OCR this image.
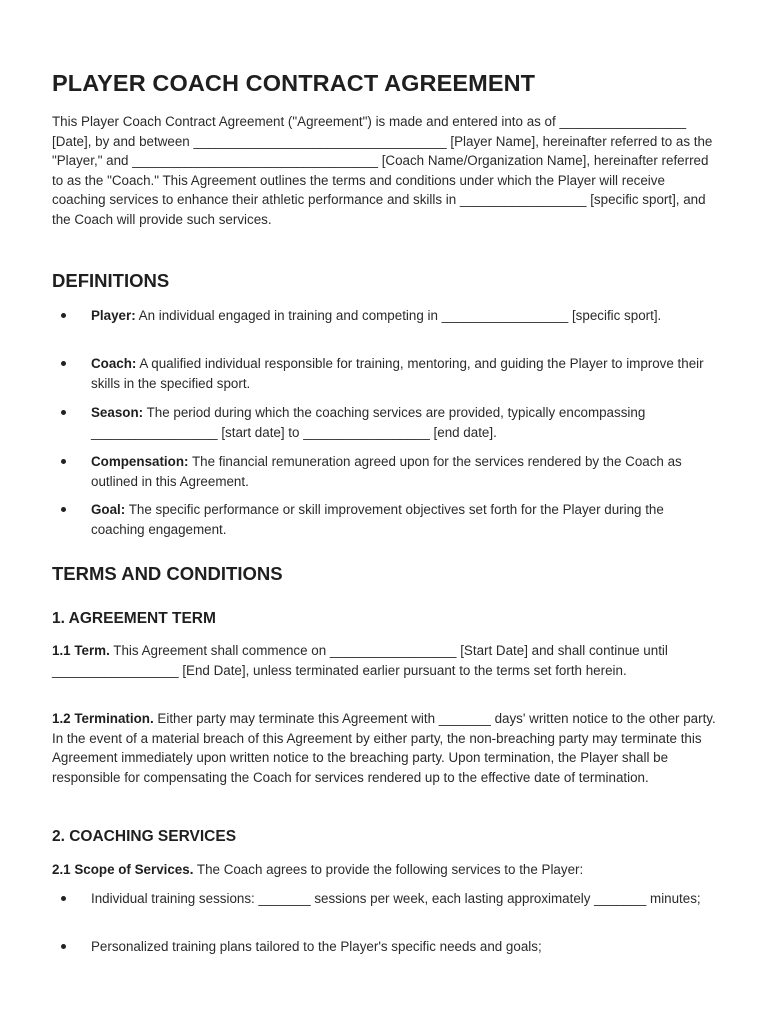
PLAYER COACH CONTRACT AGREEMENT

This Player Coach Contract Agreement ("Agreement") is made and entered into as of _________________ [Date], by and between __________________________________ [Player Name], hereinafter referred to as the "Player," and _________________________________ [Coach Name/Organization Name], hereinafter referred to as the "Coach." This Agreement outlines the terms and conditions under which the Player will receive coaching services to enhance their athletic performance and skills in _________________ [specific sport], and the Coach will provide such services.

DEFINITIONS

Player: An individual engaged in training and competing in _________________ [specific sport].

Coach: A qualified individual responsible for training, mentoring, and guiding the Player to improve their skills in the specified sport.

Season: The period during which the coaching services are provided, typically encompassing _________________ [start date] to _________________ [end date].

Compensation: The financial remuneration agreed upon for the services rendered by the Coach as outlined in this Agreement.

Goal: The specific performance or skill improvement objectives set forth for the Player during the coaching engagement.

TERMS AND CONDITIONS
1. AGREEMENT TERM

1.1 Term. This Agreement shall commence on _________________ [Start Date] and shall continue until _________________ [End Date], unless terminated earlier pursuant to the terms set forth herein.

1.2 Termination. Either party may terminate this Agreement with _______ days' written notice to the other party. In the event of a material breach of this Agreement by either party, the non-breaching party may terminate this Agreement immediately upon written notice to the breaching party. Upon termination, the Player shall be responsible for compensating the Coach for services rendered up to the effective date of termination.

2. COACHING SERVICES

2.1 Scope of Services. The Coach agrees to provide the following services to the Player:

Individual training sessions: _______ sessions per week, each lasting approximately _______ minutes;

Personalized training plans tailored to the Player's specific needs and goals;
